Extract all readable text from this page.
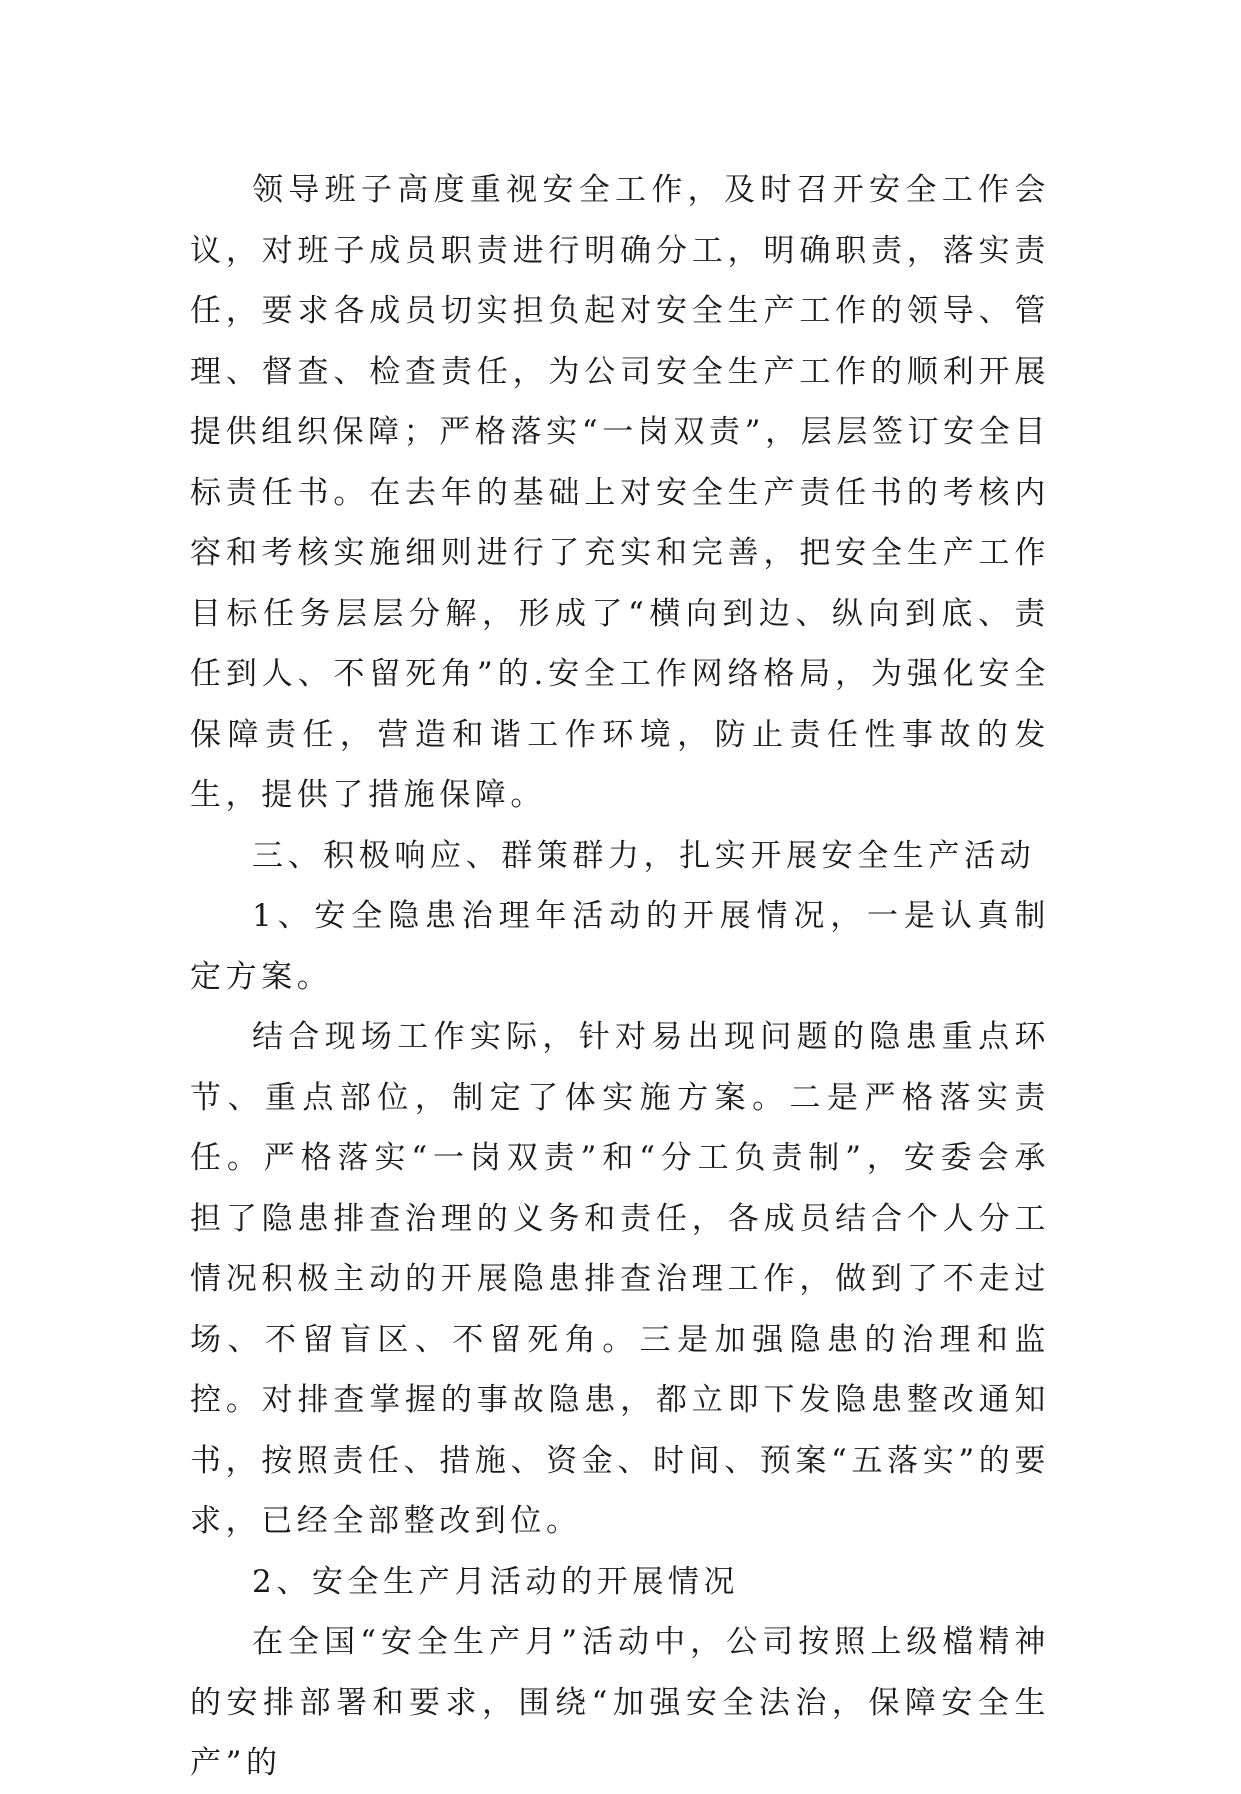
领导班子高度重视安全工作，及时召开安全工作会议，对班子成员职责进行明确分工，明确职责，落实责任，要求各成员切实担负起对安全生产工作的领导、管理、督查、检查责任，为公司安全生产工作的顺利开展提供组织保障；严格落实“一岗双责”，层层签订安全目标责任书。在去年的基础上对安全生产责任书的考核内容和考核实施细则进行了充实和完善，把安全生产工作目标任务层层分解，形成了“横向到边、纵向到底、责任到人、不留死角”的.安全工作网络格局，为强化安全保障责任，营造和谐工作环境，防止责任性事故的发生，提供了措施保障。

三、积极响应、群策群力，扎实开展安全生产活动

1、安全隐患治理年活动的开展情况，一是认真制定方案。

结合现场工作实际，针对易出现问题的隐患重点环节、重点部位，制定了体实施方案。二是严格落实责任。严格落实“一岗双责”和“分工负责制”，安委会承担了隐患排查治理的义务和责任，各成员结合个人分工情况积极主动的开展隐患排查治理工作，做到了不走过场、不留盲区、不留死角。三是加强隐患的治理和监控。对排查掌握的事故隐患，都立即下发隐患整改通知书，按照责任、措施、资金、时间、预案“五落实”的要求，已经全部整改到位。

2、安全生产月活动的开展情况

在全国“安全生产月”活动中，公司按照上级檔精神的安排部署和要求，围绕“加强安全法治，保障安全生产”的
